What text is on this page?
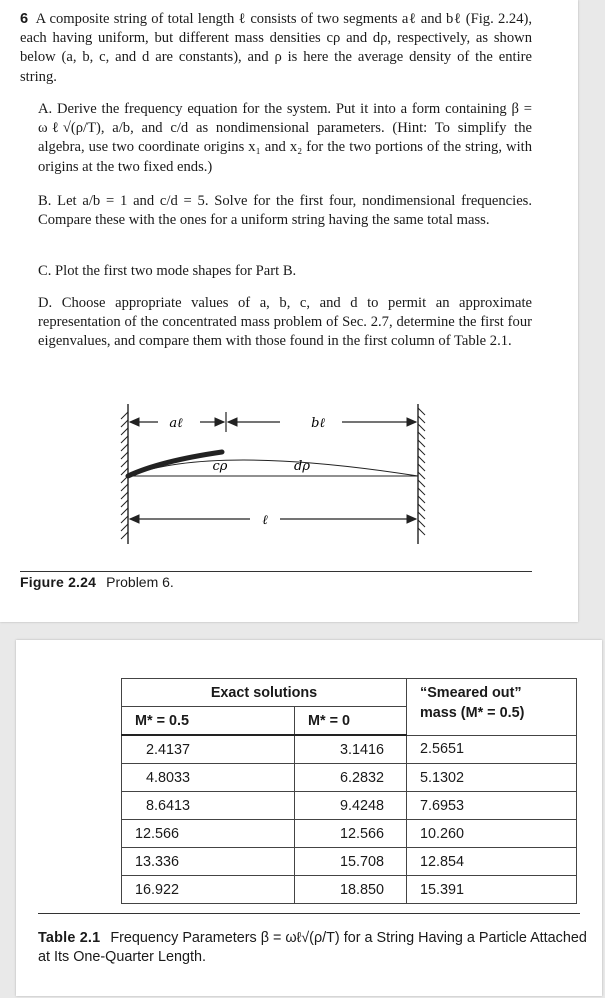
6 A composite string of total length ℓ consists of two segments aℓ and bℓ (Fig. 2.24), each having uniform, but different mass densities cρ and dρ, respectively, as shown below (a, b, c, and d are constants), and ρ is here the average density of the entire string.

A. Derive the frequency equation for the system. Put it into a form containing β = ωℓ√(ρ/T), a/b, and c/d as nondimensional parameters. (Hint: To simplify the algebra, use two coordinate origins x₁ and x₂ for the two portions of the string, with origins at the two fixed ends.)

B. Let a/b = 1 and c/d = 5. Solve for the first four, nondimensional frequencies. Compare these with the ones for a uniform string having the same total mass.

C. Plot the first two mode shapes for Part B.

D. Choose appropriate values of a, b, c, and d to permit an approximate representation of the concentrated mass problem of Sec. 2.7, determine the first four eigenvalues, and compare them with those found in the first column of Table 2.1.

aℓ	bℓ
cρ	dρ
ℓ
Figure 2.24 Problem 6.
Exact solutions		“Smeared out”
mass (M* = 0.5)

M* = 0.5	M* = 0	
2.4137	3.1416	2.5651
4.8033	6.2832	5.1302
8.6413	9.4248	7.6953
12.566	12.566	10.260
13.336	15.708	12.854
16.922	18.850	15.391
Table 2.1 Frequency Parameters β = ωℓ√(ρ/T) for a String Having a Particle Attached at Its One-Quarter Length.
